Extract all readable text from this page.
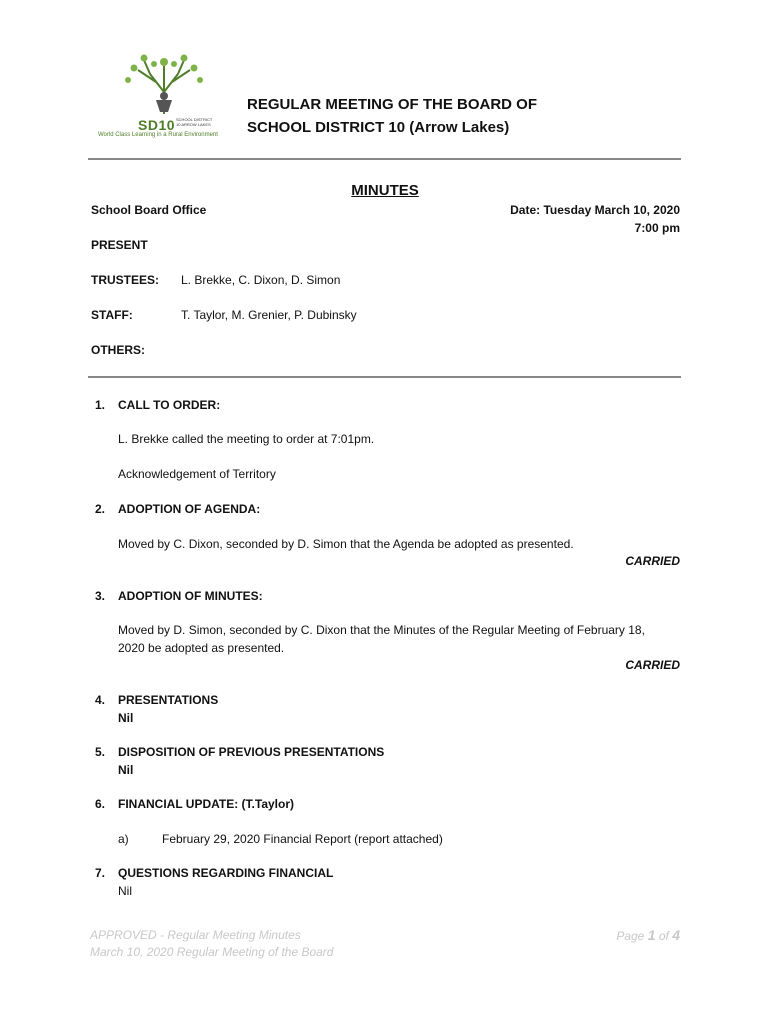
SD10 SCHOOL DISTRICT 10 ARROW LAKES
World Class Learning in a Rural Environment
REGULAR MEETING OF THE BOARD OF
SCHOOL DISTRICT 10 (Arrow Lakes)
MINUTES
School Board Office	Date: Tuesday March 10, 2020
7:00 pm
PRESENT
TRUSTEES: L. Brekke, C. Dixon, D. Simon
STAFF:	T. Taylor, M. Grenier, P. Dubinsky
OTHERS:
1. CALL TO ORDER:
L. Brekke called the meeting to order at 7:01pm.
Acknowledgement of Territory
2. ADOPTION OF AGENDA:
Moved by C. Dixon, seconded by D. Simon that the Agenda be adopted as presented.
CARRIED
3. ADOPTION OF MINUTES:
Moved by D. Simon, seconded by C. Dixon that the Minutes of the Regular Meeting of February 18,
2020 be adopted as presented.
CARRIED
4. PRESENTATIONS
Nil
5. DISPOSITION OF PREVIOUS PRESENTATIONS
Nil
6. FINANCIAL UPDATE: (T.Taylor)
a)	February 29, 2020 Financial Report (report attached)
7. QUESTIONS REGARDING FINANCIAL
Nil
APPROVED - Regular Meeting Minutes
March 10, 2020 Regular Meeting of the Board
Page 1 of 4
